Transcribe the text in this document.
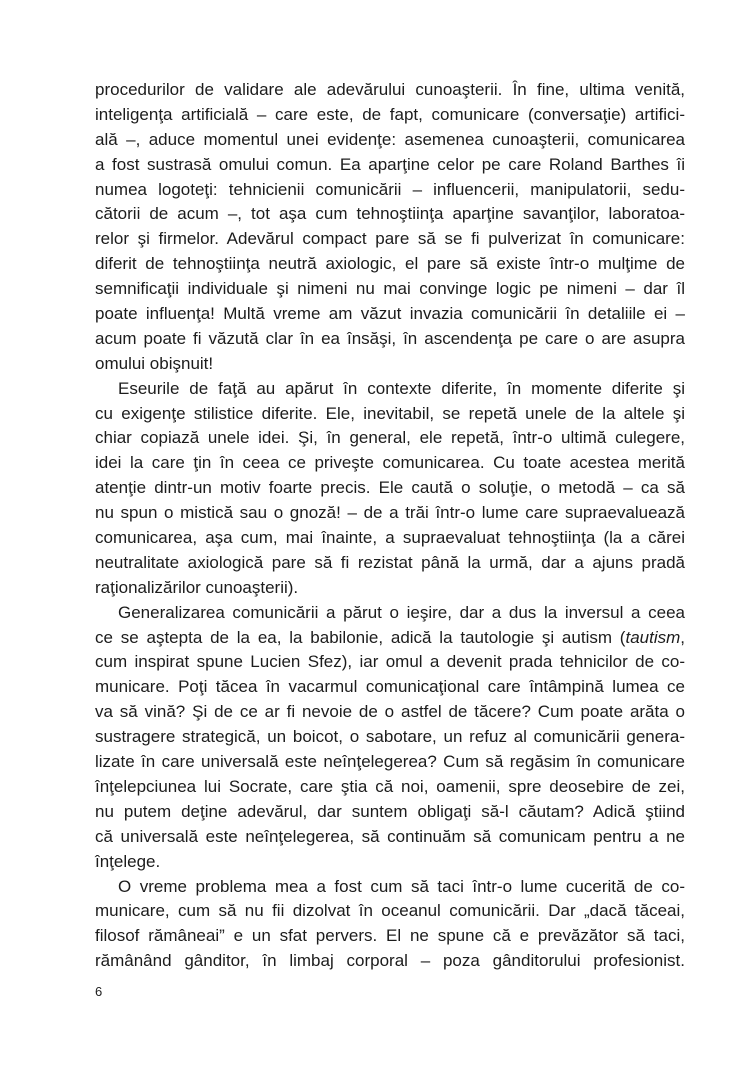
procedurilor de validare ale adevărului cunoaşterii. În fine, ultima venită,
inteligenţa artificială – care este, de fapt, comunicare (conversaţie) artifici-
ală –, aduce momentul unei evidenţe: asemenea cunoaşterii, comunicarea
a fost sustrasă omului comun. Ea aparţine celor pe care Roland Barthes îi
numea logoteţi: tehnicienii comunicării – influencerii, manipulatorii, sedu-
cătorii de acum –, tot aşa cum tehnoştiinţa aparţine savanţilor, laboratoa-
relor şi firmelor. Adevărul compact pare să se fi pulverizat în comunicare:
diferit de tehnoştiinţa neutră axiologic, el pare să existe într-o mulţime de
semnificaţii individuale şi nimeni nu mai convinge logic pe nimeni – dar îl
poate influenţa! Multă vreme am văzut invazia comunicării în detaliile ei –
acum poate fi văzută clar în ea însăşi, în ascendenţa pe care o are asupra
omului obişnuit!
Eseurile de faţă au apărut în contexte diferite, în momente diferite şi
cu exigenţe stilistice diferite. Ele, inevitabil, se repetă unele de la altele şi
chiar copiază unele idei. Şi, în general, ele repetă, într-o ultimă culegere,
idei la care ţin în ceea ce priveşte comunicarea. Cu toate acestea merită
atenţie dintr-un motiv foarte precis. Ele caută o soluţie, o metodă – ca să
nu spun o mistică sau o gnoză! – de a trăi într-o lume care supraevaluează
comunicarea, aşa cum, mai înainte, a supraevaluat tehnoştiinţa (la a cărei
neutralitate axiologică pare să fi rezistat până la urmă, dar a ajuns pradă
raţionalizărilor cunoaşterii).
Generalizarea comunicării a părut o ieşire, dar a dus la inversul a ceea
ce se aştepta de la ea, la babilonie, adică la tautologie şi autism (tautism,
cum inspirat spune Lucien Sfez), iar omul a devenit prada tehnicilor de co-
municare. Poţi tăcea în vacarmul comunicaţional care întâmpină lumea ce
va să vină? Şi de ce ar fi nevoie de o astfel de tăcere? Cum poate arăta o
sustragere strategică, un boicot, o sabotare, un refuz al comunicării genera-
lizate în care universală este neînţelegerea? Cum să regăsim în comunicare
înţelepciunea lui Socrate, care ştia că noi, oamenii, spre deosebire de zei,
nu putem deţine adevărul, dar suntem obligaţi să-l căutam? Adică ştiind
că universală este neînţelegerea, să continuăm să comunicam pentru a ne
înţelege.
O vreme problema mea a fost cum să taci într-o lume cucerită de co-
municare, cum să nu fii dizolvat în oceanul comunicării. Dar „dacă tăceai,
filosof rămâneai” e un sfat pervers. El ne spune că e prevăzător să taci,
rămânând gânditor, în limbaj corporal – poza gânditorului profesionist.
6
